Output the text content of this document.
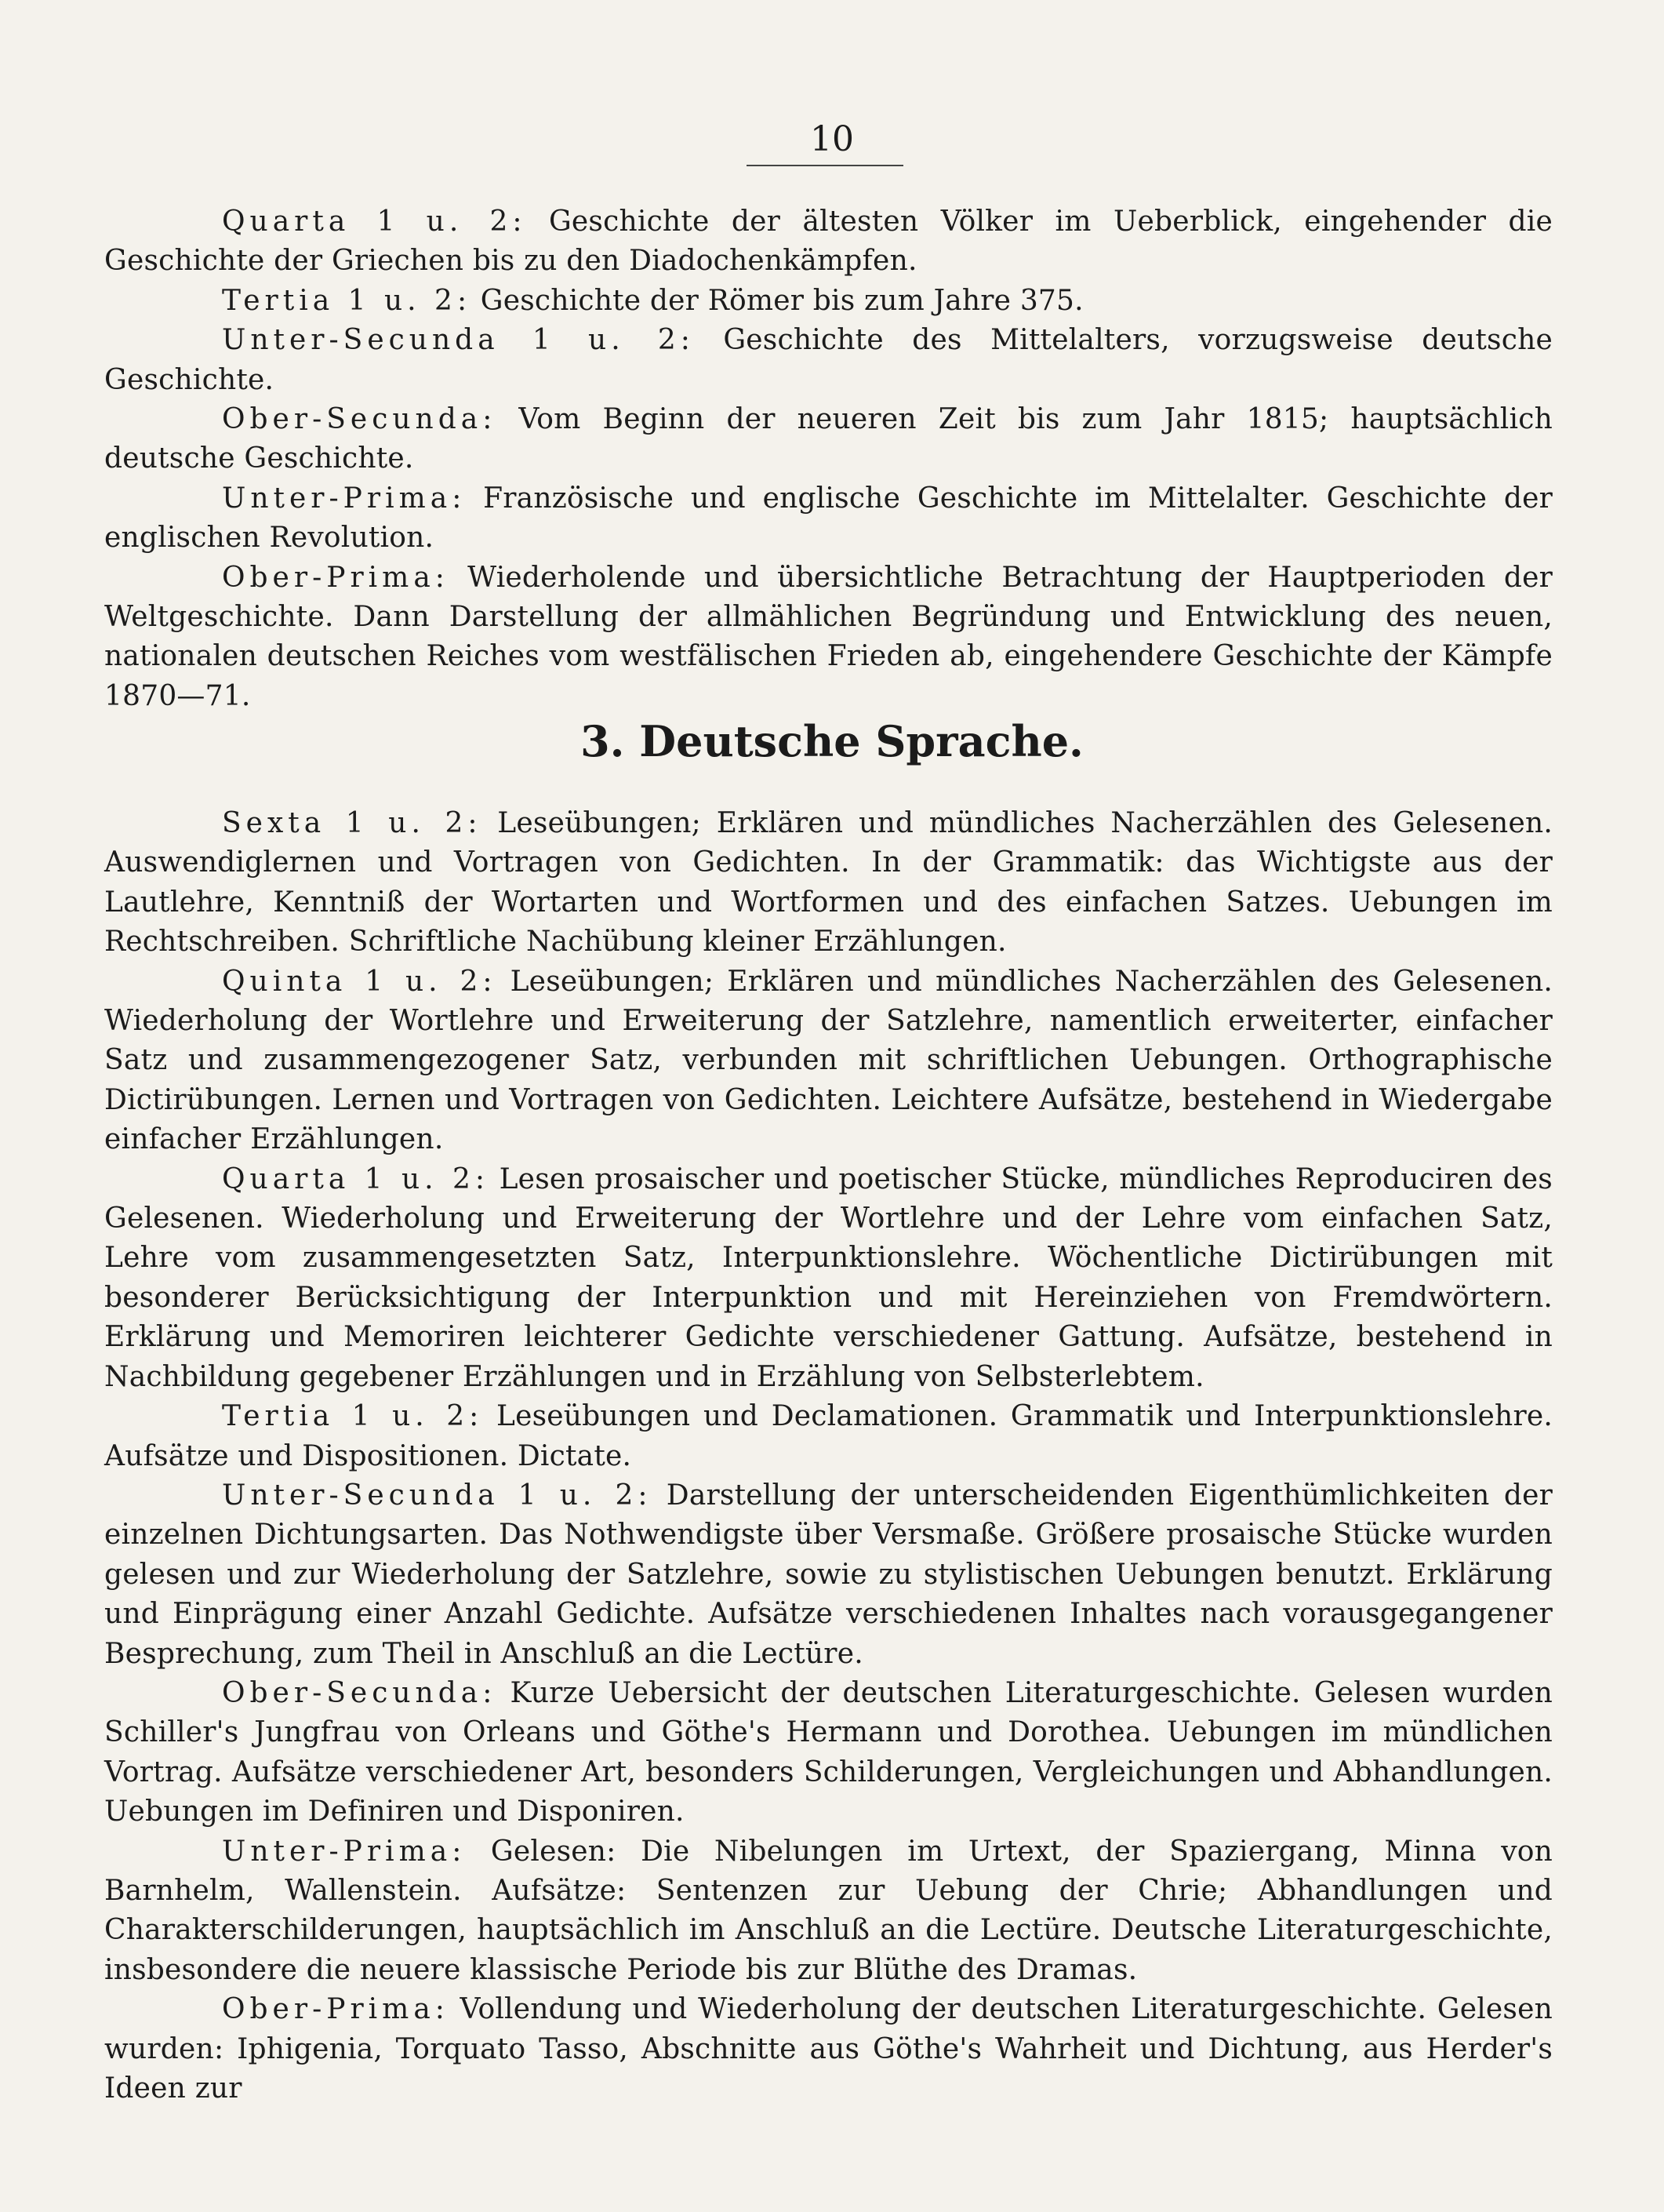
10

Quarta 1 u. 2: Geschichte der ältesten Völker im Ueberblick, eingehender die Geschichte der Griechen bis zu den Diadochenkämpfen.

Tertia 1 u. 2: Geschichte der Römer bis zum Jahre 375.

Unter-Secunda 1 u. 2: Geschichte des Mittelalters, vorzugsweise deutsche Geschichte.

Ober-Secunda: Vom Beginn der neueren Zeit bis zum Jahr 1815; hauptsächlich deutsche Geschichte.

Unter-Prima: Französische und englische Geschichte im Mittelalter. Geschichte der englischen Revolution.

Ober-Prima: Wiederholende und übersichtliche Betrachtung der Hauptperioden der Weltgeschichte. Dann Darstellung der allmählichen Begründung und Entwicklung des neuen, nationalen deutschen Reiches vom westfälischen Frieden ab, eingehendere Geschichte der Kämpfe 1870—71.

3. Deutsche Sprache.

Sexta 1 u. 2: Leseübungen; Erklären und mündliches Nacherzählen des Gelesenen. Auswendiglernen und Vortragen von Gedichten. In der Grammatik: das Wichtigste aus der Lautlehre, Kenntniß der Wortarten und Wortformen und des einfachen Satzes. Uebungen im Rechtschreiben. Schriftliche Nachübung kleiner Erzählungen.

Quinta 1 u. 2: Leseübungen; Erklären und mündliches Nacherzählen des Gelesenen. Wiederholung der Wortlehre und Erweiterung der Satzlehre, namentlich erweiterter, einfacher Satz und zusammengezogener Satz, verbunden mit schriftlichen Uebungen. Orthographische Dictirübungen. Lernen und Vortragen von Gedichten. Leichtere Aufsätze, bestehend in Wiedergabe einfacher Erzählungen.

Quarta 1 u. 2: Lesen prosaischer und poetischer Stücke, mündliches Reproduciren des Gelesenen. Wiederholung und Erweiterung der Wortlehre und der Lehre vom einfachen Satz, Lehre vom zusammengesetzten Satz, Interpunktionslehre. Wöchentliche Dictirübungen mit besonderer Berücksichtigung der Interpunktion und mit Hereinziehen von Fremdwörtern. Erklärung und Memoriren leichterer Gedichte verschiedener Gattung. Aufsätze, bestehend in Nachbildung gegebener Erzählungen und in Erzählung von Selbsterlebtem.

Tertia 1 u. 2: Leseübungen und Declamationen. Grammatik und Interpunktionslehre. Aufsätze und Dispositionen. Dictate.

Unter-Secunda 1 u. 2: Darstellung der unterscheidenden Eigenthümlichkeiten der einzelnen Dichtungsarten. Das Nothwendigste über Versmaße. Größere prosaische Stücke wurden gelesen und zur Wiederholung der Satzlehre, sowie zu stylistischen Uebungen benutzt. Erklärung und Einprägung einer Anzahl Gedichte. Aufsätze verschiedenen Inhaltes nach vorausgegangener Besprechung, zum Theil in Anschluß an die Lectüre.

Ober-Secunda: Kurze Uebersicht der deutschen Literaturgeschichte. Gelesen wurden Schiller's Jungfrau von Orleans und Göthe's Hermann und Dorothea. Uebungen im mündlichen Vortrag. Aufsätze verschiedener Art, besonders Schilderungen, Vergleichungen und Abhandlungen. Uebungen im Definiren und Disponiren.

Unter-Prima: Gelesen: Die Nibelungen im Urtext, der Spaziergang, Minna von Barnhelm, Wallenstein. Aufsätze: Sentenzen zur Uebung der Chrie; Abhandlungen und Charakterschilderungen, hauptsächlich im Anschluß an die Lectüre. Deutsche Literaturgeschichte, insbesondere die neuere klassische Periode bis zur Blüthe des Dramas.

Ober-Prima: Vollendung und Wiederholung der deutschen Literaturgeschichte. Gelesen wurden: Iphigenia, Torquato Tasso, Abschnitte aus Göthe's Wahrheit und Dichtung, aus Herder's Ideen zur
